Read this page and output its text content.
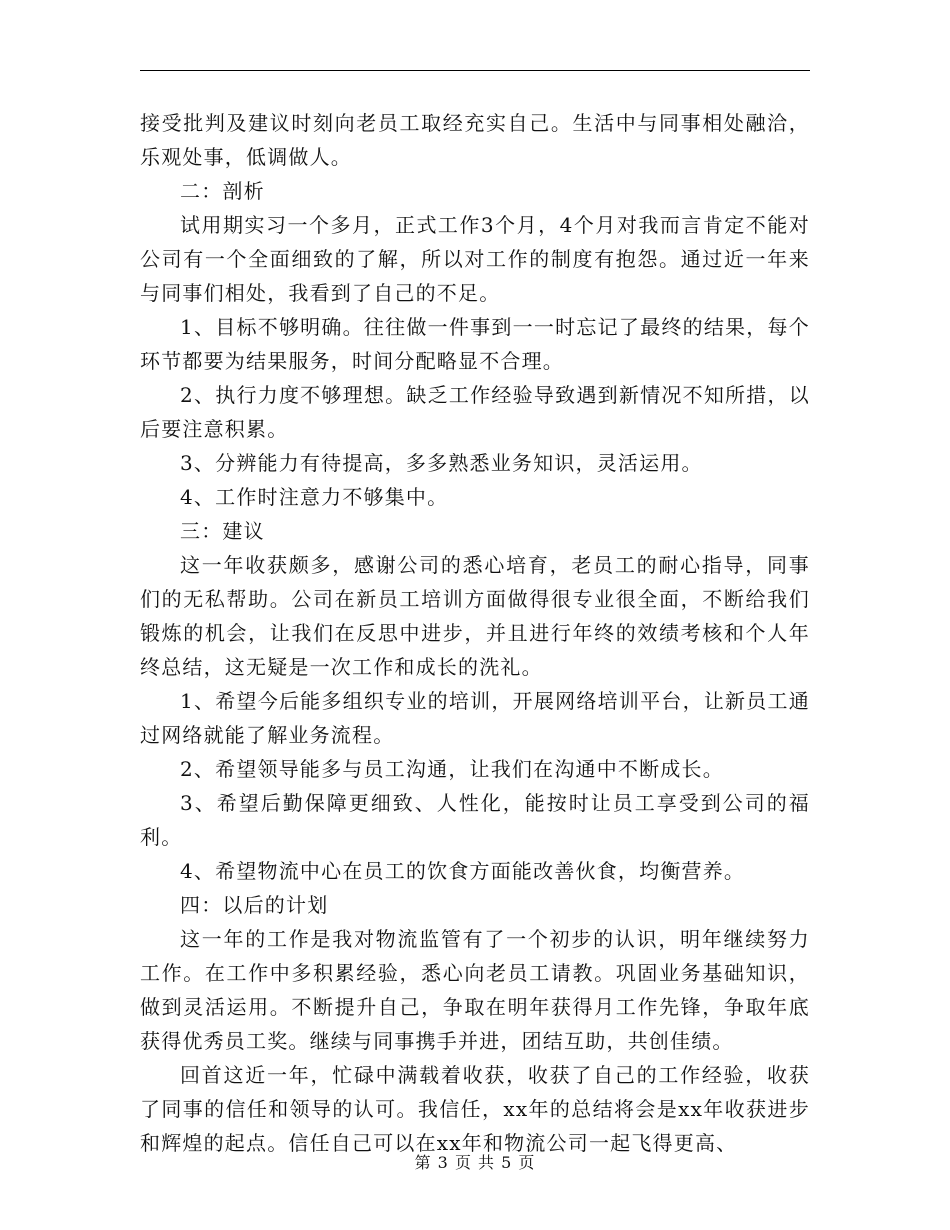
接受批判及建议时刻向老员工取经充实自己。生活中与同事相处融洽，乐观处事，低调做人。

二：剖析

试用期实习一个多月，正式工作3个月，4个月对我而言肯定不能对公司有一个全面细致的了解，所以对工作的制度有抱怨。通过近一年来与同事们相处，我看到了自己的不足。

1、目标不够明确。往往做一件事到一一时忘记了最终的结果，每个环节都要为结果服务，时间分配略显不合理。

2、执行力度不够理想。缺乏工作经验导致遇到新情况不知所措，以后要注意积累。

3、分辨能力有待提高，多多熟悉业务知识，灵活运用。

4、工作时注意力不够集中。

三：建议

这一年收获颇多，感谢公司的悉心培育，老员工的耐心指导，同事们的无私帮助。公司在新员工培训方面做得很专业很全面，不断给我们锻炼的机会，让我们在反思中进步，并且进行年终的效绩考核和个人年终总结，这无疑是一次工作和成长的洗礼。

1、希望今后能多组织专业的培训，开展网络培训平台，让新员工通过网络就能了解业务流程。

2、希望领导能多与员工沟通，让我们在沟通中不断成长。

3、希望后勤保障更细致、人性化，能按时让员工享受到公司的福利。

4、希望物流中心在员工的饮食方面能改善伙食，均衡营养。

四：以后的计划

这一年的工作是我对物流监管有了一个初步的认识，明年继续努力工作。在工作中多积累经验，悉心向老员工请教。巩固业务基础知识，做到灵活运用。不断提升自己，争取在明年获得月工作先锋，争取年底获得优秀员工奖。继续与同事携手并进，团结互助，共创佳绩。

回首这近一年，忙碌中满载着收获，收获了自己的工作经验，收获了同事的信任和领导的认可。我信任，xx年的总结将会是xx年收获进步和辉煌的起点。信任自己可以在xx年和物流公司一起飞得更高、

第 3 页 共 5 页
